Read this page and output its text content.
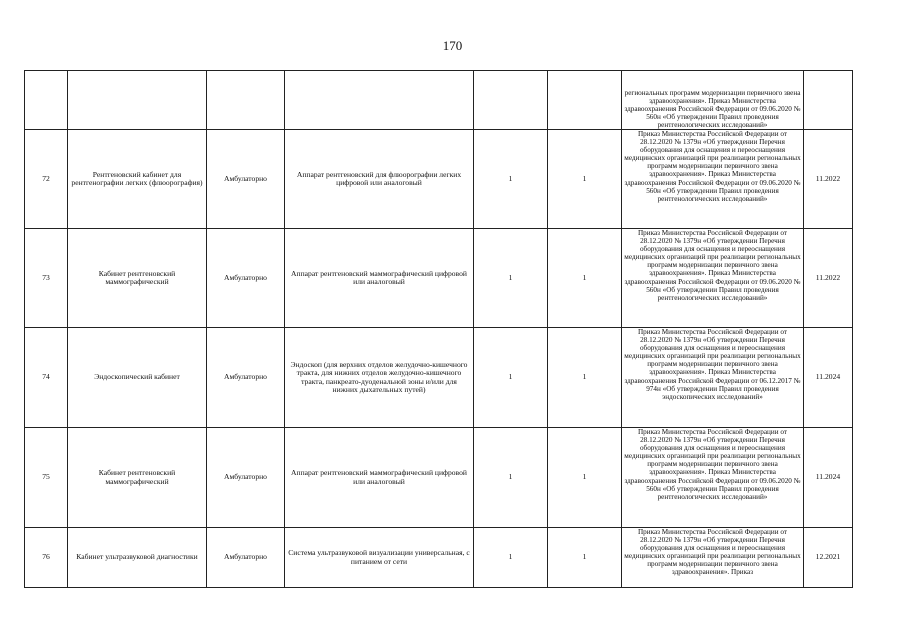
170
						региональных программ модернизации первичного звена здравоохранения». Приказ Министерства здравоохранения Российской Федерации от 09.06.2020 № 560н «Об утверждении Правил проведения рентгенологических исследований»	
72	Рентгеновский кабинет для рентгенографии легких (флюорография)	Амбулаторно	Аппарат рентгеновский для флюорографии легких цифровой или аналоговый	1	1	Приказ Министерства Российской Федерации от 28.12.2020 № 1379н «Об утверждении Перечня оборудования для оснащения и переоснащения медицинских организаций при реализации региональных программ модернизации первичного звена здравоохранения». Приказ Министерства здравоохранения Российской Федерации от 09.06.2020 № 560н «Об утверждении Правил проведения рентгенологических исследований»	11.2022
73	Кабинет рентгеновский маммографический	Амбулаторно	Аппарат рентгеновский маммографический цифровой или аналоговый	1	1	Приказ Министерства Российской Федерации от 28.12.2020 № 1379н «Об утверждении Перечня оборудования для оснащения и переоснащения медицинских организаций при реализации региональных программ модернизации первичного звена здравоохранения». Приказ Министерства здравоохранения Российской Федерации от 09.06.2020 № 560н «Об утверждении Правил проведения рентгенологических исследований»	11.2022
74	Эндоскопический кабинет	Амбулаторно	Эндоскоп (для верхних отделов желудочно-кишечного тракта, для нижних отделов желудочно-кишечного тракта, панкреато-дуоденальной зоны и/или для нижних дыхательных путей)	1	1	Приказ Министерства Российской Федерации от 28.12.2020 № 1379н «Об утверждении Перечня оборудования для оснащения и переоснащения медицинских организаций при реализации региональных программ модернизации первичного звена здравоохранения». Приказ Министерства здравоохранения Российской Федерации от 06.12.2017 № 974н «Об утверждении Правил проведения эндоскопических исследований»	11.2024
75	Кабинет рентгеновский маммографический	Амбулаторно	Аппарат рентгеновский маммографический цифровой или аналоговый	1	1	Приказ Министерства Российской Федерации от 28.12.2020 № 1379н «Об утверждении Перечня оборудования для оснащения и переоснащения медицинских организаций при реализации региональных программ модернизации первичного звена здравоохранения». Приказ Министерства здравоохранения Российской Федерации от 09.06.2020 № 560н «Об утверждении Правил проведения рентгенологических исследований»	11.2024
76	Кабинет ультразвуковой диагностики	Амбулаторно	Система ультразвуковой визуализации универсальная, с питанием от сети	1	1	Приказ Министерства Российской Федерации от 28.12.2020 № 1379н «Об утверждении Перечня оборудования для оснащения и переоснащения медицинских организаций при реализации региональных программ модернизации первичного звена здравоохранения». Приказ	12.2021
